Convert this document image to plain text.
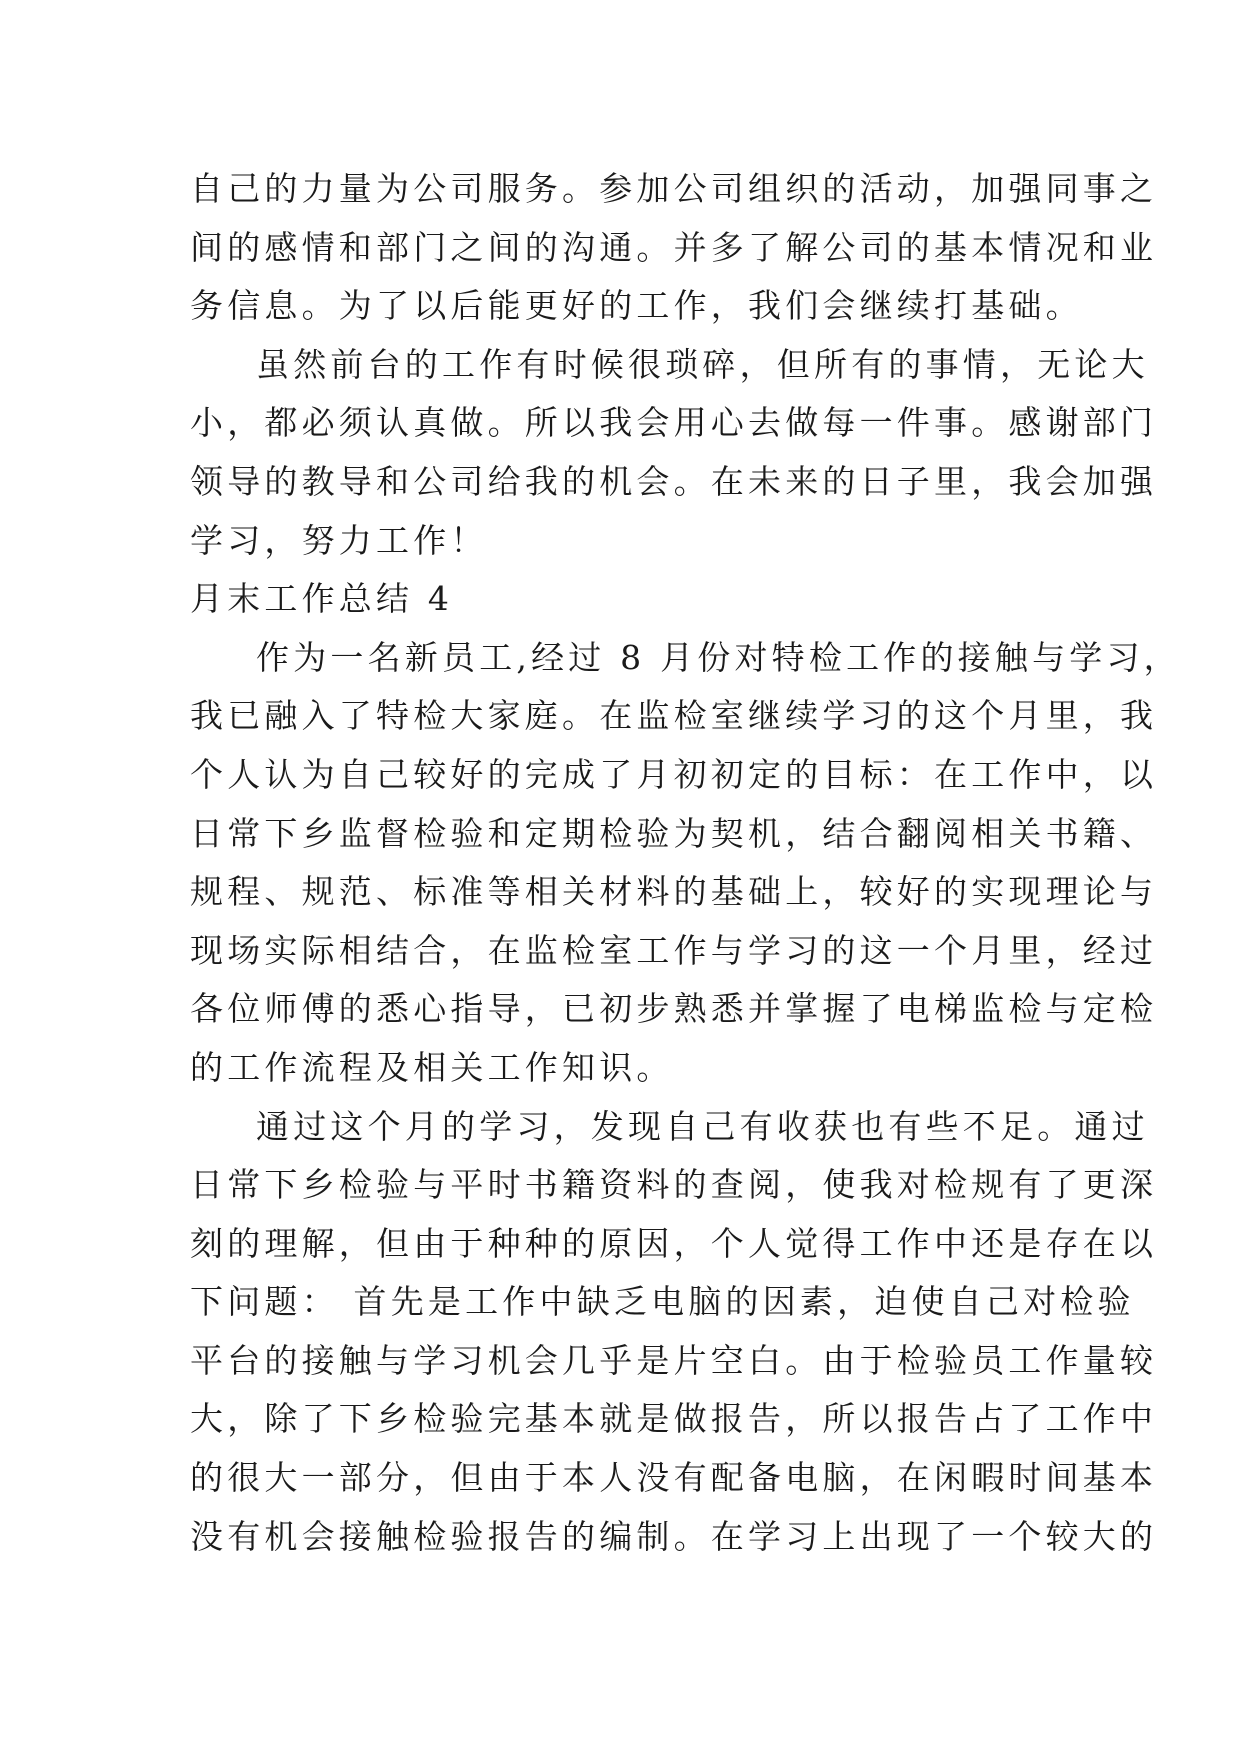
自己的力量为公司服务。参加公司组织的活动，加强同事之
间的感情和部门之间的沟通。并多了解公司的基本情况和业
务信息。为了以后能更好的工作，我们会继续打基础。
虽然前台的工作有时候很琐碎，但所有的事情，无论大
小，都必须认真做。所以我会用心去做每一件事。感谢部门
领导的教导和公司给我的机会。在未来的日子里，我会加强
学习，努力工作！
月末工作总结 4
作为一名新员工,经过 8 月份对特检工作的接触与学习，
我已融入了特检大家庭。在监检室继续学习的这个月里，我
个人认为自己较好的完成了月初初定的目标：在工作中，以
日常下乡监督检验和定期检验为契机，结合翻阅相关书籍、
规程、规范、标准等相关材料的基础上，较好的实现理论与
现场实际相结合，在监检室工作与学习的这一个月里，经过
各位师傅的悉心指导，已初步熟悉并掌握了电梯监检与定检
的工作流程及相关工作知识。
通过这个月的学习，发现自己有收获也有些不足。通过
日常下乡检验与平时书籍资料的查阅，使我对检规有了更深
刻的理解，但由于种种的原因，个人觉得工作中还是存在以
下问题： 首先是工作中缺乏电脑的因素，迫使自己对检验
平台的接触与学习机会几乎是片空白。由于检验员工作量较
大，除了下乡检验完基本就是做报告，所以报告占了工作中
的很大一部分，但由于本人没有配备电脑，在闲暇时间基本
没有机会接触检验报告的编制。在学习上出现了一个较大的
